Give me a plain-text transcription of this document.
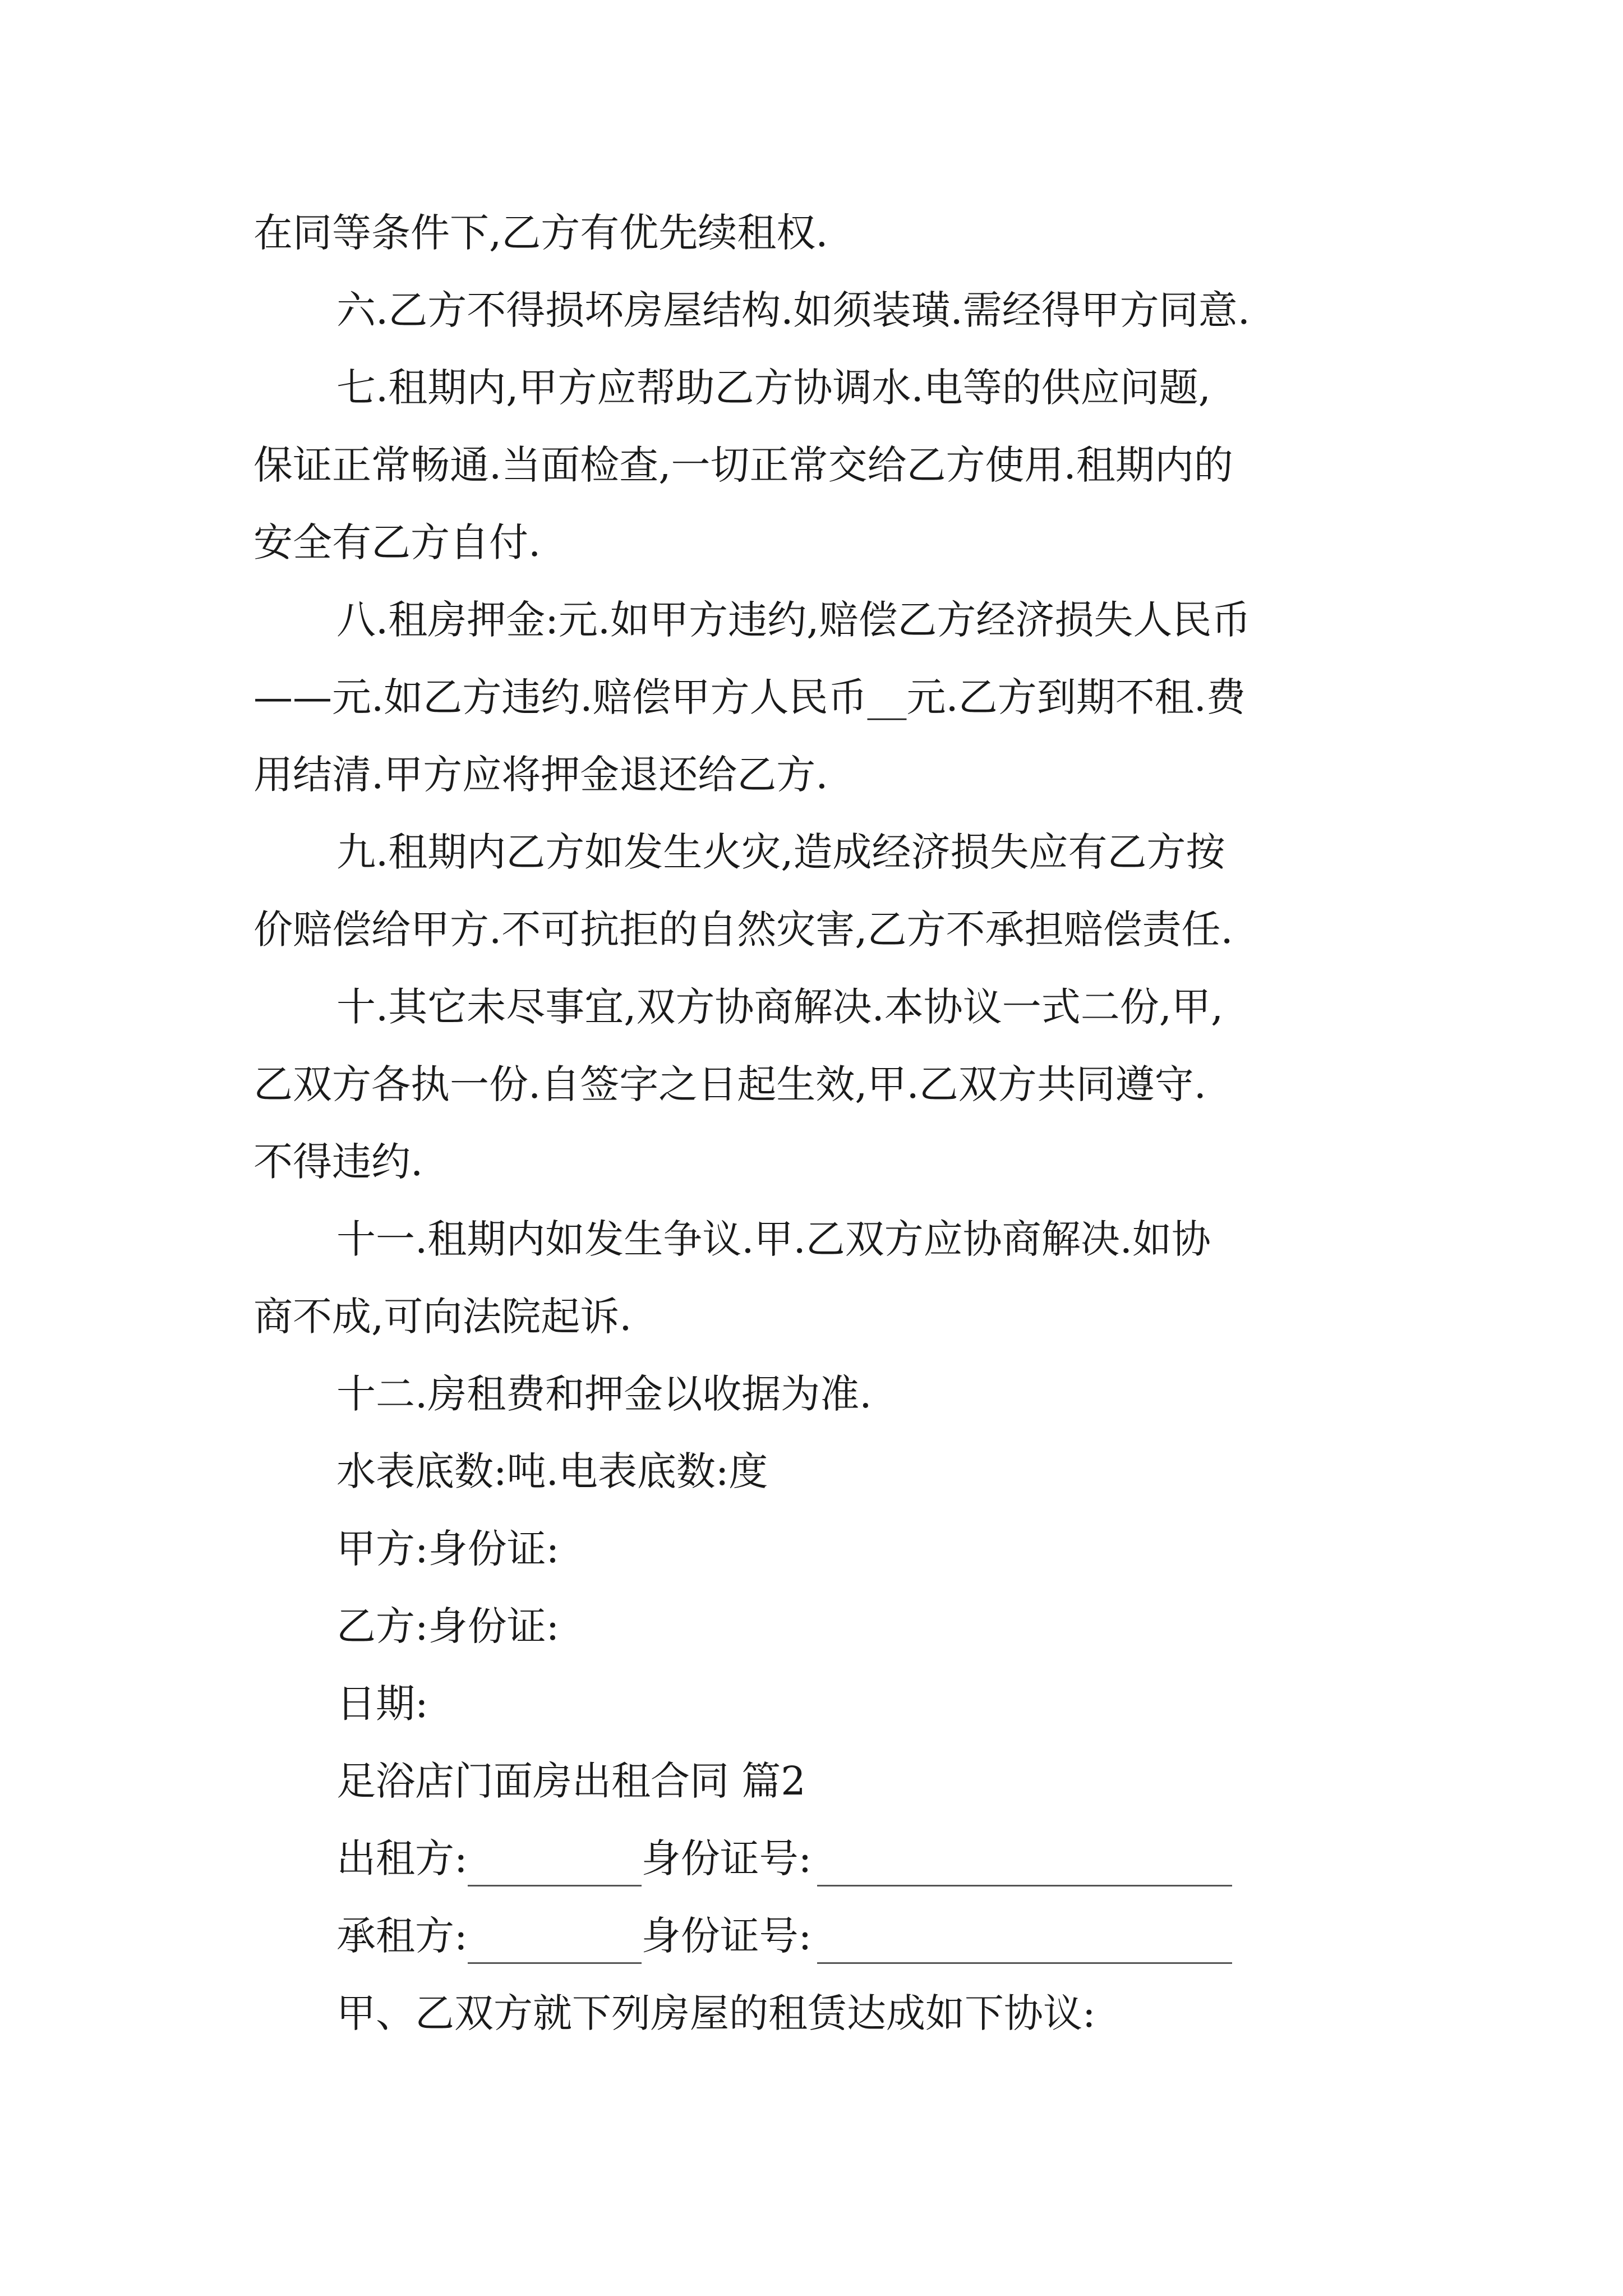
在同等条件下,乙方有优先续租权.
六.乙方不得损坏房屋结构.如须装璜.需经得甲方同意.
七.租期内,甲方应帮助乙方协调水.电等的供应问题,
保证正常畅通.当面检查,一切正常交给乙方使用.租期内的
安全有乙方自付.
八.租房押金:元.如甲方违约,赔偿乙方经济损失人民币
——元.如乙方违约.赔偿甲方人民币__元.乙方到期不租.费
用结清.甲方应将押金退还给乙方.
九.租期内乙方如发生火灾,造成经济损失应有乙方按
价赔偿给甲方.不可抗拒的自然灾害,乙方不承担赔偿责任.
十.其它未尽事宜,双方协商解决.本协议一式二份,甲,
乙双方各执一份.自签字之日起生效,甲.乙双方共同遵守.
不得违约.
十一.租期内如发生争议.甲.乙双方应协商解决.如协
商不成,可向法院起诉.
十二.房租费和押金以收据为准.
水表底数:吨.电表底数:度
甲方:身份证:
乙方:身份证:
日期:
足浴店门面房出租合同 篇2
出租方:	身份证号:
承租方:	身份证号:
甲、乙双方就下列房屋的租赁达成如下协议:
